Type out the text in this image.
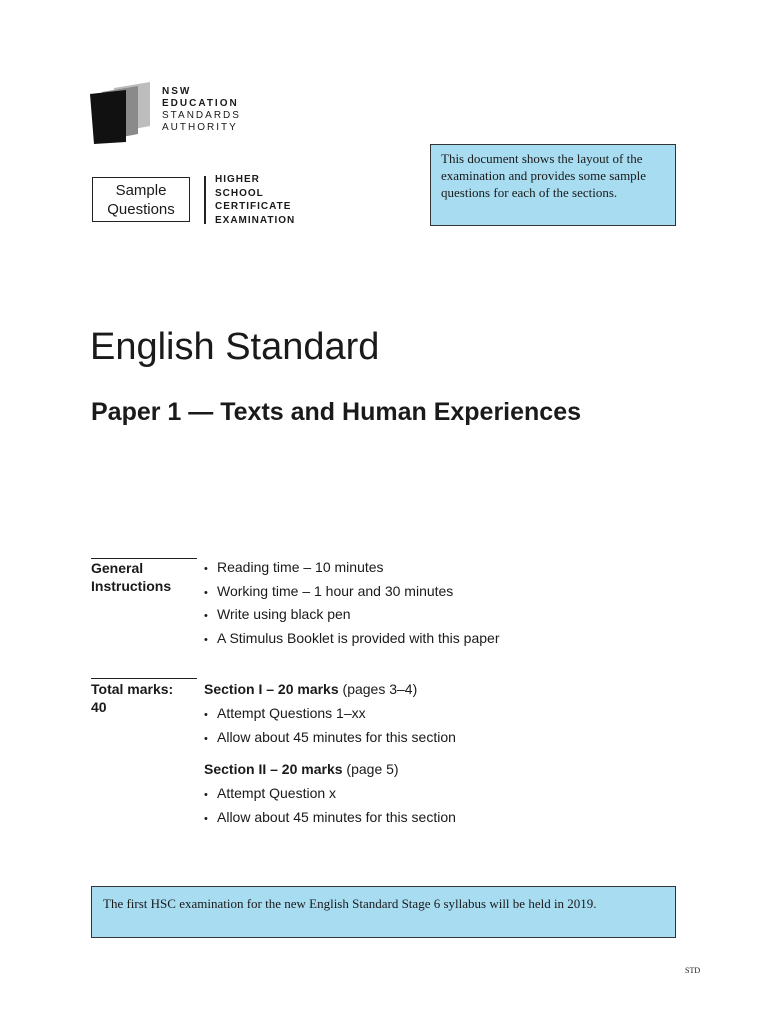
NSW
EDUCATION
STANDARDS
AUTHORITY
Sample
Questions
HIGHER
SCHOOL
CERTIFICATE
EXAMINATION
This document shows the layout of the examination and provides some sample questions for each of the sections.
English Standard
Paper 1 — Texts and Human Experiences
General
Instructions
• Reading time – 10 minutes
• Working time – 1 hour and 30 minutes
• Write using black pen
• A Stimulus Booklet is provided with this paper
Total marks:
40
Section I – 20 marks (pages 3–4)
• Attempt Questions 1–xx
• Allow about 45 minutes for this section
Section II – 20 marks (page 5)
• Attempt Question x
• Allow about 45 minutes for this section
The first HSC examination for the new English Standard Stage 6 syllabus will be held in 2019.
STD
